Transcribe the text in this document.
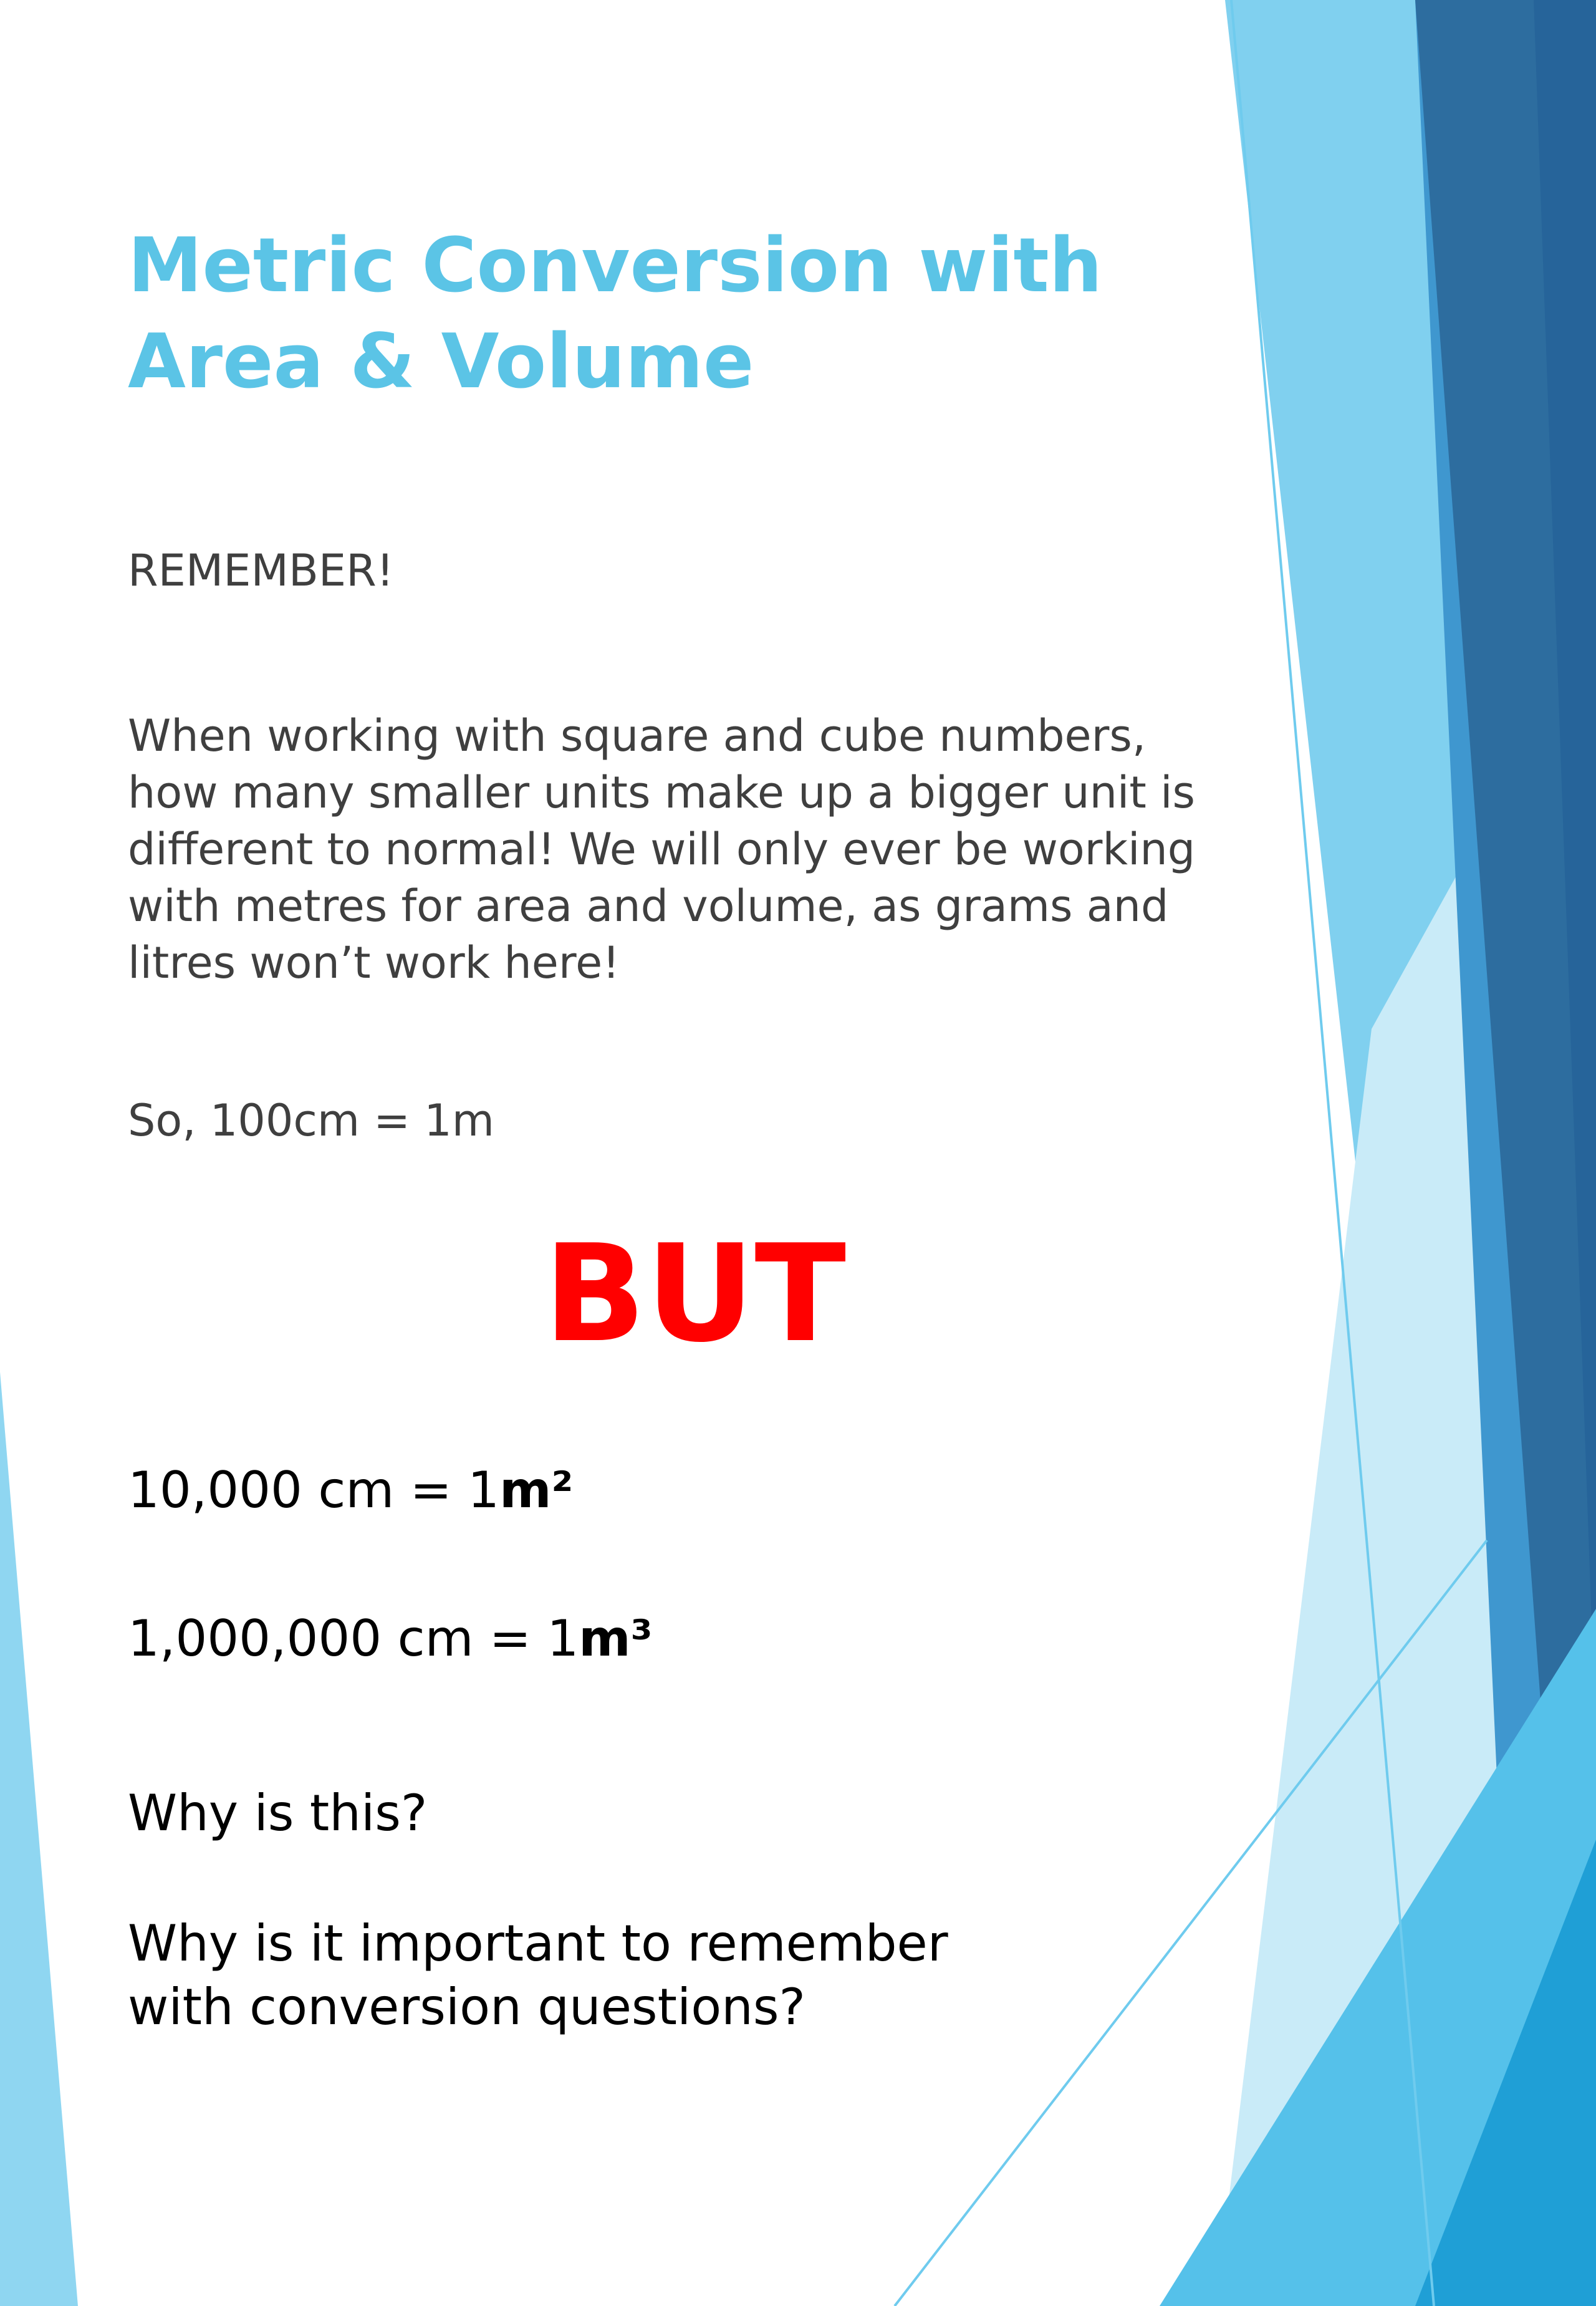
Metric Conversion with Area & Volume

REMEMBER!

When working with square and cube numbers, how many smaller units make up a bigger unit is different to normal! We will only ever be working with metres for area and volume, as grams and litres won’t work here!

So, 100cm = 1m

BUT

10,000 cm = 1m²

1,000,000 cm = 1m³

Why is this?

Why is it important to remember
with conversion questions?
